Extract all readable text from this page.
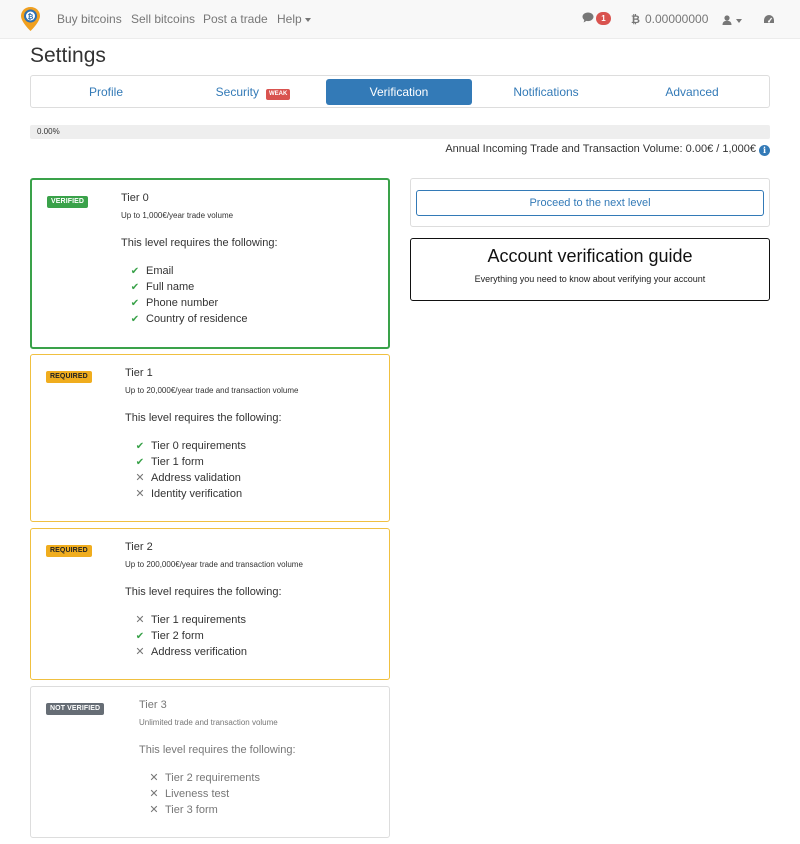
₿ Buy bitcoins Sell bitcoins Post a trade Help	1	₿ 0.00000000
Settings
Profile	Security WEAK	Verification	Notifications	Advanced
0.00%
Annual Incoming Trade and Transaction Volume: 0.00€ / 1,000€ i
VERIFIED	Tier 0
Up to 1,000€/year trade volume
This level requires the following:
✔ Email
✔ Full name
✔ Phone number
✔ Country of residence
REQUIRED	Tier 1
Up to 20,000€/year trade and transaction volume
This level requires the following:
✔ Tier 0 requirements
✔ Tier 1 form
✕ Address validation
✕ Identity verification
REQUIRED	Tier 2
Up to 200,000€/year trade and transaction volume
This level requires the following:
✕ Tier 1 requirements
✔ Tier 2 form
✕ Address verification
NOT VERIFIED	Tier 3
Unlimited trade and transaction volume
This level requires the following:
✕ Tier 2 requirements
✕ Liveness test
✕ Tier 3 form
Proceed to the next level
Account verification guide
Everything you need to know about verifying your account
